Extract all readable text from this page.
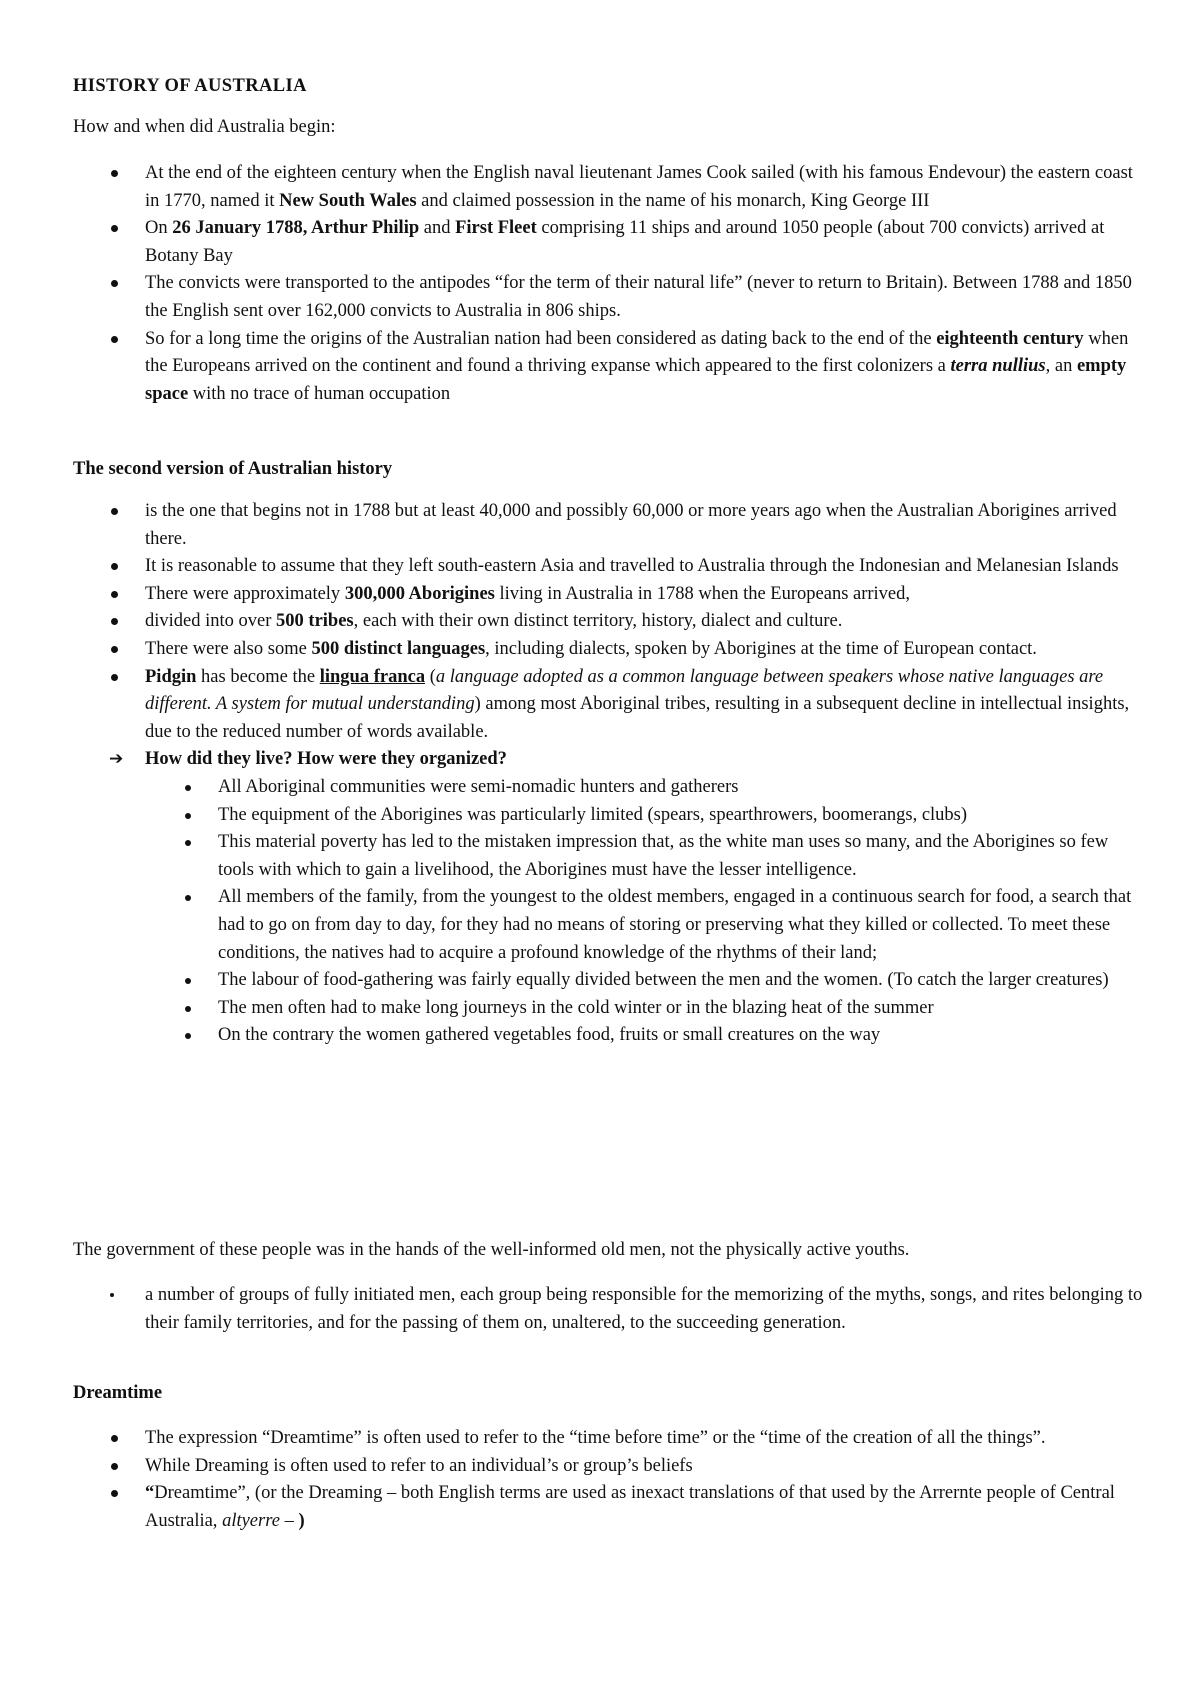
HISTORY OF AUSTRALIA
How and when did Australia begin:
At the end of the eighteen century when the English naval lieutenant James Cook sailed (with his famous Endevour) the eastern coast in 1770, named it New South Wales and claimed possession in the name of his monarch, King George III
On 26 January 1788, Arthur Philip and First Fleet comprising 11 ships and around 1050 people (about 700 convicts) arrived at Botany Bay
The convicts were transported to the antipodes “for the term of their natural life” (never to return to Britain). Between 1788 and 1850 the English sent over 162,000 convicts to Australia in 806 ships.
So for a long time the origins of the Australian nation had been considered as dating back to the end of the eighteenth century when the Europeans arrived on the continent and found a thriving expanse which appeared to the first colonizers a terra nullius, an empty space with no trace of human occupation
The second version of Australian history
is the one that begins not in 1788 but at least 40,000 and possibly 60,000 or more years ago when the Australian Aborigines arrived there.
It is reasonable to assume that they left south-eastern Asia and travelled to Australia through the Indonesian and Melanesian Islands
There were approximately 300,000 Aborigines living in Australia in 1788 when the Europeans arrived,
divided into over 500 tribes, each with their own distinct territory, history, dialect and culture.
There were also some 500 distinct languages, including dialects, spoken by Aborigines at the time of European contact.
Pidgin has become the lingua franca (a language adopted as a common language between speakers whose native languages are different. A system for mutual understanding) among most Aboriginal tribes, resulting in a subsequent decline in intellectual insights, due to the reduced number of words available.
➔ How did they live? How were they organized?
All Aboriginal communities were semi-nomadic hunters and gatherers
The equipment of the Aborigines was particularly limited (spears, spearthrowers, boomerangs, clubs)
This material poverty has led to the mistaken impression that, as the white man uses so many, and the Aborigines so few tools with which to gain a livelihood, the Aborigines must have the lesser intelligence.
All members of the family, from the youngest to the oldest members, engaged in a continuous search for food, a search that had to go on from day to day, for they had no means of storing or preserving what they killed or collected. To meet these conditions, the natives had to acquire a profound knowledge of the rhythms of their land;
The labour of food-gathering was fairly equally divided between the men and the women. (To catch the larger creatures)
The men often had to make long journeys in the cold winter or in the blazing heat of the summer
On the contrary the women gathered vegetables food, fruits or small creatures on the way
The government of these people was in the hands of the well-informed old men, not the physically active youths.
a number of groups of fully initiated men, each group being responsible for the memorizing of the myths, songs, and rites belonging to their family territories, and for the passing of them on, unaltered, to the succeeding generation.
Dreamtime
The expression “Dreamtime” is often used to refer to the “time before time” or the “time of the creation of all the things”.
While Dreaming is often used to refer to an individual’s or group’s beliefs
“Dreamtime”, (or the Dreaming – both English terms are used as inexact translations of that used by the Arrernte people of Central Australia, altyerre – )
